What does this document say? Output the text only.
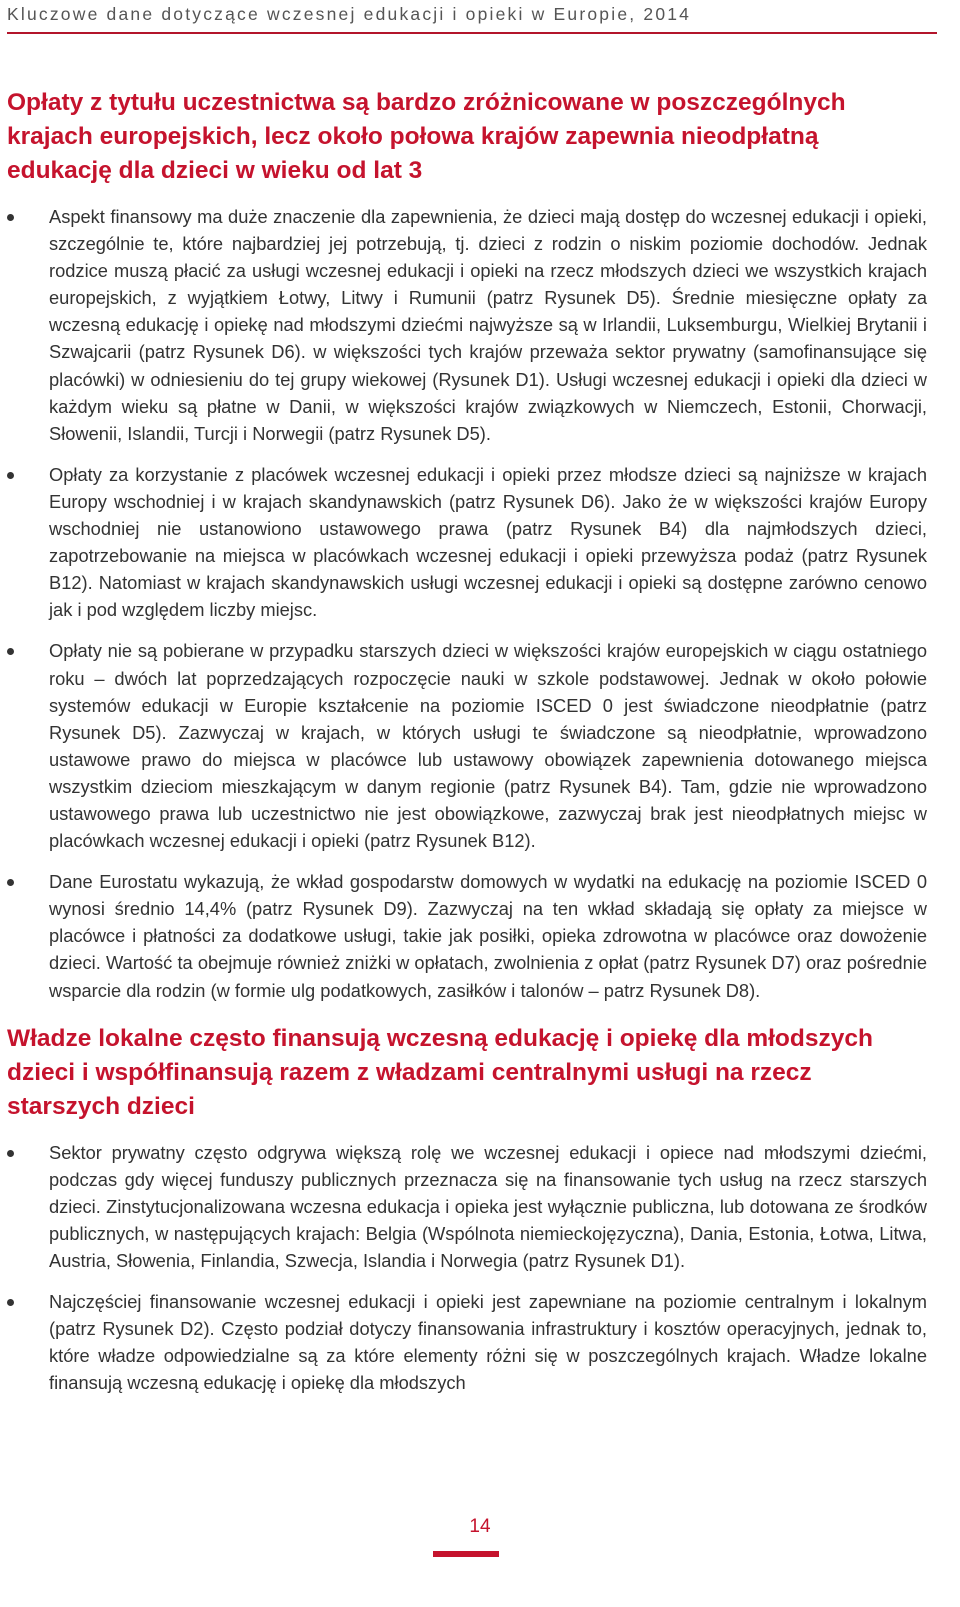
Kluczowe dane dotyczące wczesnej edukacji i opieki w Europie, 2014
Opłaty z tytułu uczestnictwa są bardzo zróżnicowane w poszczególnych krajach europejskich, lecz około połowa krajów zapewnia nieodpłatną edukację dla dzieci w wieku od lat 3
Aspekt finansowy ma duże znaczenie dla zapewnienia, że dzieci mają dostęp do wczesnej edukacji i opieki, szczególnie te, które najbardziej jej potrzebują, tj. dzieci z rodzin o niskim poziomie dochodów. Jednak rodzice muszą płacić za usługi wczesnej edukacji i opieki na rzecz młodszych dzieci we wszystkich krajach europejskich, z wyjątkiem Łotwy, Litwy i Rumunii (patrz Rysunek D5). Średnie miesięczne opłaty za wczesną edukację i opiekę nad młodszymi dziećmi najwyższe są w Irlandii, Luksemburgu, Wielkiej Brytanii i Szwajcarii (patrz Rysunek D6). w większości tych krajów przeważa sektor prywatny (samofinansujące się placówki) w odniesieniu do tej grupy wiekowej (Rysunek D1). Usługi wczesnej edukacji i opieki dla dzieci w każdym wieku są płatne w Danii, w większości krajów związkowych w Niemczech, Estonii, Chorwacji, Słowenii, Islandii, Turcji i Norwegii (patrz Rysunek D5).
Opłaty za korzystanie z placówek wczesnej edukacji i opieki przez młodsze dzieci są najniższe w krajach Europy wschodniej i w krajach skandynawskich (patrz Rysunek D6). Jako że w większości krajów Europy wschodniej nie ustanowiono ustawowego prawa (patrz Rysunek B4) dla najmłodszych dzieci, zapotrzebowanie na miejsca w placówkach wczesnej edukacji i opieki przewyższa podaż (patrz Rysunek B12). Natomiast w krajach skandynawskich usługi wczesnej edukacji i opieki są dostępne zarówno cenowo jak i pod względem liczby miejsc.
Opłaty nie są pobierane w przypadku starszych dzieci w większości krajów europejskich w ciągu ostatniego roku – dwóch lat poprzedzających rozpoczęcie nauki w szkole podstawowej. Jednak w około połowie systemów edukacji w Europie kształcenie na poziomie ISCED 0 jest świadczone nieodpłatnie (patrz Rysunek D5). Zazwyczaj w krajach, w których usługi te świadczone są nieodpłatnie, wprowadzono ustawowe prawo do miejsca w placówce lub ustawowy obowiązek zapewnienia dotowanego miejsca wszystkim dzieciom mieszkającym w danym regionie (patrz Rysunek B4). Tam, gdzie nie wprowadzono ustawowego prawa lub uczestnictwo nie jest obowiązkowe, zazwyczaj brak jest nieodpłatnych miejsc w placówkach wczesnej edukacji i opieki (patrz Rysunek B12).
Dane Eurostatu wykazują, że wkład gospodarstw domowych w wydatki na edukację na poziomie ISCED 0 wynosi średnio 14,4% (patrz Rysunek D9). Zazwyczaj na ten wkład składają się opłaty za miejsce w placówce i płatności za dodatkowe usługi, takie jak posiłki, opieka zdrowotna w placówce oraz dowożenie dzieci. Wartość ta obejmuje również zniżki w opłatach, zwolnienia z opłat (patrz Rysunek D7) oraz pośrednie wsparcie dla rodzin (w formie ulg podatkowych, zasiłków i talonów – patrz Rysunek D8).
Władze lokalne często finansują wczesną edukację i opiekę dla młodszych dzieci i współfinansują razem z władzami centralnymi usługi na rzecz starszych dzieci
Sektor prywatny często odgrywa większą rolę we wczesnej edukacji i opiece nad młodszymi dziećmi, podczas gdy więcej funduszy publicznych przeznacza się na finansowanie tych usług na rzecz starszych dzieci. Zinstytucjonalizowana wczesna edukacja i opieka jest wyłącznie publiczna, lub dotowana ze środków publicznych, w następujących krajach: Belgia (Wspólnota niemieckojęzyczna), Dania, Estonia, Łotwa, Litwa, Austria, Słowenia, Finlandia, Szwecja, Islandia i Norwegia (patrz Rysunek D1).
Najczęściej finansowanie wczesnej edukacji i opieki jest zapewniane na poziomie centralnym i lokalnym (patrz Rysunek D2). Często podział dotyczy finansowania infrastruktury i kosztów operacyjnych, jednak to, które władze odpowiedzialne są za które elementy różni się w poszczególnych krajach. Władze lokalne finansują wczesną edukację i opiekę dla młodszych
14
